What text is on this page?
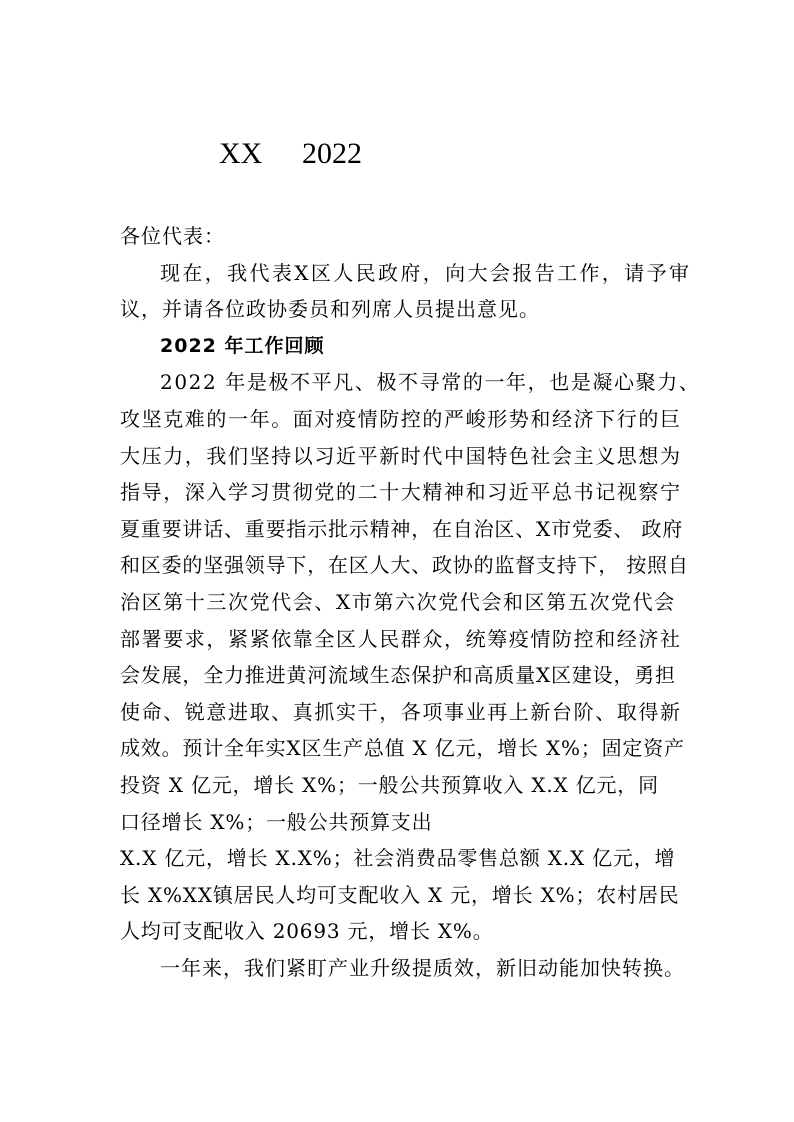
XX 2022

各位代表：

现在，我代表X区人民政府，向大会报告工作，请予审议，并请各位政协委员和列席人员提出意见。

2022 年工作回顾

2022 年是极不平凡、极不寻常的一年，也是凝心聚力、
攻坚克难的一年。面对疫情防控的严峻形势和经济下行的巨
大压力，我们坚持以习近平新时代中国特色社会主义思想为
指导，深入学习贯彻党的二十大精神和习近平总书记视察宁
夏重要讲话、重要指示批示精神，在自治区、X市党委、 政府
和区委的坚强领导下，在区人大、政协的监督支持下， 按照自
治区第十三次党代会、X市第六次党代会和区第五次党代会
部署要求，紧紧依靠全区人民群众，统筹疫情防控和经济社
会发展，全力推进黄河流域生态保护和高质量X区建设，勇担
使命、锐意进取、真抓实干，各项事业再上新台阶、取得新
成效。预计全年实X区生产总值 X 亿元，增长 X%；固定资产
投资 X 亿元，增长 X%；一般公共预算收入 X.X 亿元，同
口径增长 X%；一般公共预算支出
X.X 亿元，增长 X.X%；社会消费品零售总额 X.X 亿元，增
长 X%XX镇居民人均可支配收入 X 元，增长 X%；农村居民
人均可支配收入 20693 元，增长 X%。

一年来，我们紧盯产业升级提质效，新旧动能加快转换。
